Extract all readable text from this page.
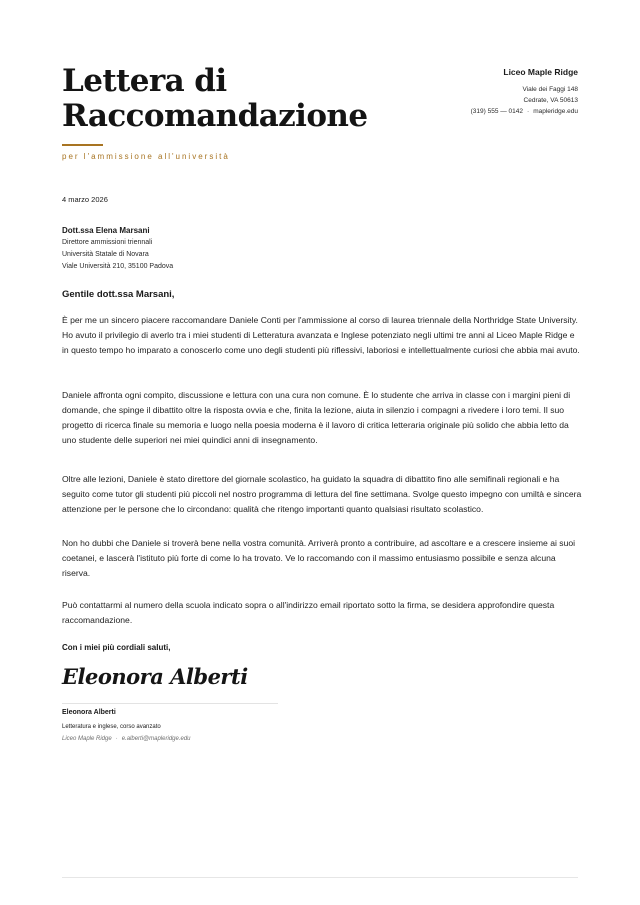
Lettera di
Raccomandazione
per l'ammissione all'università
Liceo Maple Ridge
Viale dei Faggi 148
Cedrate, VA 50613
(319) 555 — 0142 · mapleridge.edu
4 marzo 2026
Dott.ssa Elena Marsani
Direttore ammissioni triennali
Università Statale di Novara
Viale Università 210, 35100 Padova
Gentile dott.ssa Marsani,

È per me un sincero piacere raccomandare Daniele Conti per l'ammissione al corso di laurea triennale della Northridge State University. Ho avuto il privilegio di averlo tra i miei studenti di Letteratura avanzata e Inglese potenziato negli ultimi tre anni al Liceo Maple Ridge e in questo tempo ho imparato a conoscerlo come uno degli studenti più riflessivi, laboriosi e intellettualmente curiosi che abbia mai avuto.

Daniele affronta ogni compito, discussione e lettura con una cura non comune. È lo studente che arriva in classe con i margini pieni di domande, che spinge il dibattito oltre la risposta ovvia e che, finita la lezione, aiuta in silenzio i compagni a rivedere i loro temi. Il suo progetto di ricerca finale su memoria e luogo nella poesia moderna è il lavoro di critica letteraria originale più solido che abbia letto da uno studente delle superiori nei miei quindici anni di insegnamento.

Oltre alle lezioni, Daniele è stato direttore del giornale scolastico, ha guidato la squadra di dibattito fino alle semifinali regionali e ha seguito come tutor gli studenti più piccoli nel nostro programma di lettura del fine settimana. Svolge questo impegno con umiltà e sincera attenzione per le persone che lo circondano: qualità che ritengo importanti quanto qualsiasi risultato scolastico.

Non ho dubbi che Daniele si troverà bene nella vostra comunità. Arriverà pronto a contribuire, ad ascoltare e a crescere insieme ai suoi coetanei, e lascerà l'istituto più forte di come lo ha trovato. Ve lo raccomando con il massimo entusiasmo possibile e senza alcuna riserva.

Può contattarmi al numero della scuola indicato sopra o all'indirizzo email riportato sotto la firma, se desidera approfondire questa raccomandazione.

Con i miei più cordiali saluti,
Eleonora Alberti
Eleonora Alberti
Letteratura e inglese, corso avanzato
Liceo Maple Ridge · e.alberti@mapleridge.edu
